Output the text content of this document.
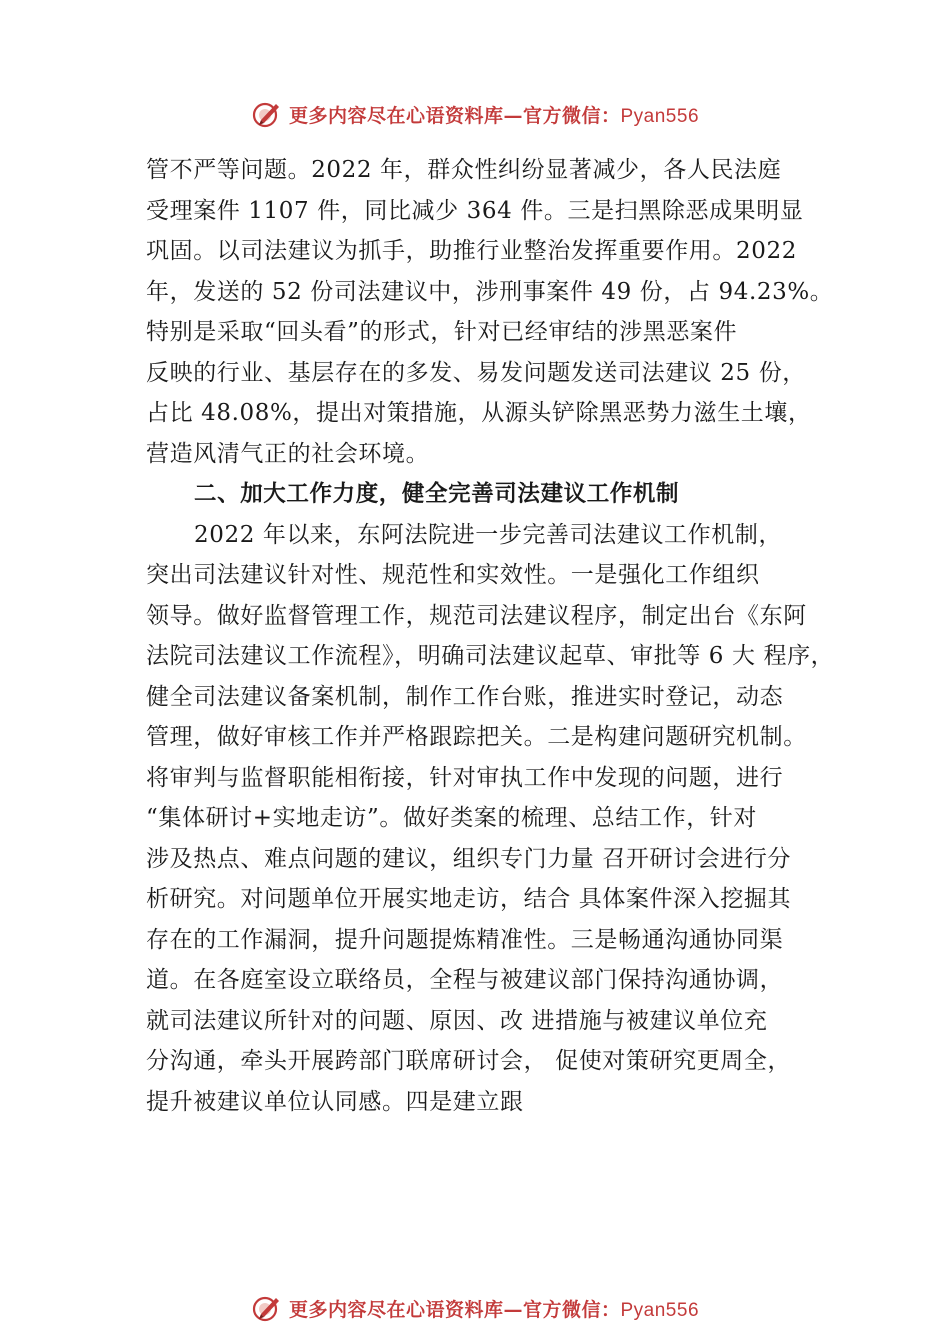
更多内容尽在心语资料库—官方微信：Pyan556
管不严等问题。2022 年，群众性纠纷显著减少，各人民法庭
受理案件 1107 件，同比减少 364 件。三是扫黑除恶成果明显
巩固。以司法建议为抓手，助推行业整治发挥重要作用。2022
年，发送的 52 份司法建议中，涉刑事案件 49 份，占 94.23%。
特别是采取“回头看”的形式，针对已经审结的涉黑恶案件
反映的行业、基层存在的多发、易发问题发送司法建议 25 份，
占比 48.08%，提出对策措施，从源头铲除黑恶势力滋生土壤，
营造风清气正的社会环境。
二、加大工作力度，健全完善司法建议工作机制
2022 年以来，东阿法院进一步完善司法建议工作机制，
突出司法建议针对性、规范性和实效性。一是强化工作组织
领导。做好监督管理工作，规范司法建议程序，制定出台《东阿
法院司法建议工作流程》，明确司法建议起草、审批等 6 大 程序，
健全司法建议备案机制，制作工作台账，推进实时登记，动态
管理，做好审核工作并严格跟踪把关。二是构建问题研究机制。
将审判与监督职能相衔接，针对审执工作中发现的问题，进行
“集体研讨+实地走访”。做好类案的梳理、总结工作，针对
涉及热点、难点问题的建议，组织专门力量 召开研讨会进行分
析研究。对问题单位开展实地走访，结合 具体案件深入挖掘其
存在的工作漏洞，提升问题提炼精准性。三是畅通沟通协同渠
道。在各庭室设立联络员，全程与被建议部门保持沟通协调，
就司法建议所针对的问题、原因、改 进措施与被建议单位充
分沟通，牵头开展跨部门联席研讨会， 促使对策研究更周全，
提升被建议单位认同感。四是建立跟
更多内容尽在心语资料库—官方微信：Pyan556
